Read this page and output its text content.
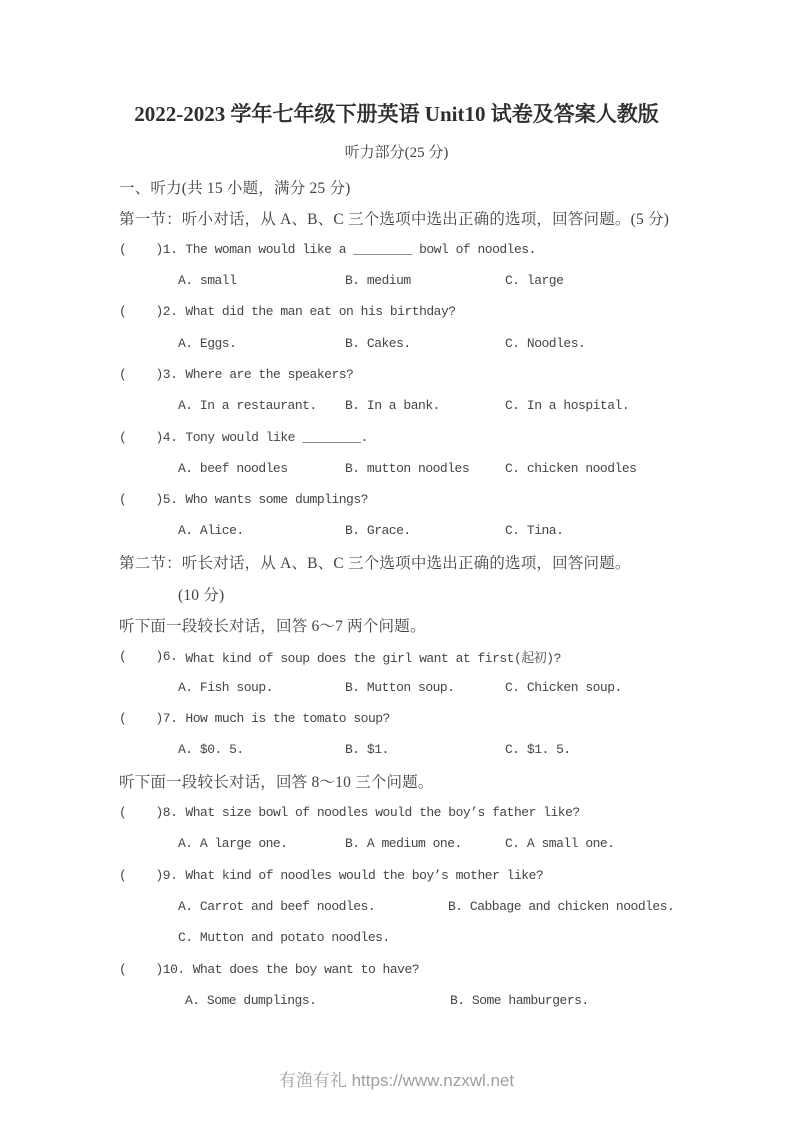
2022-2023 学年七年级下册英语 Unit10 试卷及答案人教版
听力部分(25 分)
一、听力(共 15 小题，满分 25 分)
第一节：听小对话，从 A、B、C 三个选项中选出正确的选项，回答问题。(5 分)
(    )1. The woman would like a ________ bowl of noodles.
A. small	B. medium	C. large
(    )2. What did the man eat on his birthday?
A. Eggs.	B. Cakes.	C. Noodles.
(    )3. Where are the speakers?
A. In a restaurant.	B. In a bank.	C. In a hospital.
(    )4. Tony would like ________.
A. beef noodles	B. mutton noodles	C. chicken noodles
(    )5. Who wants some dumplings?
A. Alice.	B. Grace.	C. Tina.
第二节：听长对话，从 A、B、C 三个选项中选出正确的选项，回答问题。
(10 分)
听下面一段较长对话，回答 6～7 两个问题。
(    )6. What kind of soup does the girl want at first(起初)?
A. Fish soup.	B. Mutton soup.	C. Chicken soup.
(    )7. How much is the tomato soup?
A. $0. 5.	B. $1.	C. $1. 5.
听下面一段较长对话，回答 8～10 三个问题。
(    )8. What size bowl of noodles would the boy’s father like?
A. A large one.	B. A medium one.	C. A small one.
(    )9. What kind of noodles would the boy’s mother like?
A. Carrot and beef noodles.	B. Cabbage and chicken noodles.
C. Mutton and potato noodles.
(    )10. What does the boy want to have?
A. Some dumplings.	B. Some hamburgers.
有渔有礼 https://www.nzxwl.net
